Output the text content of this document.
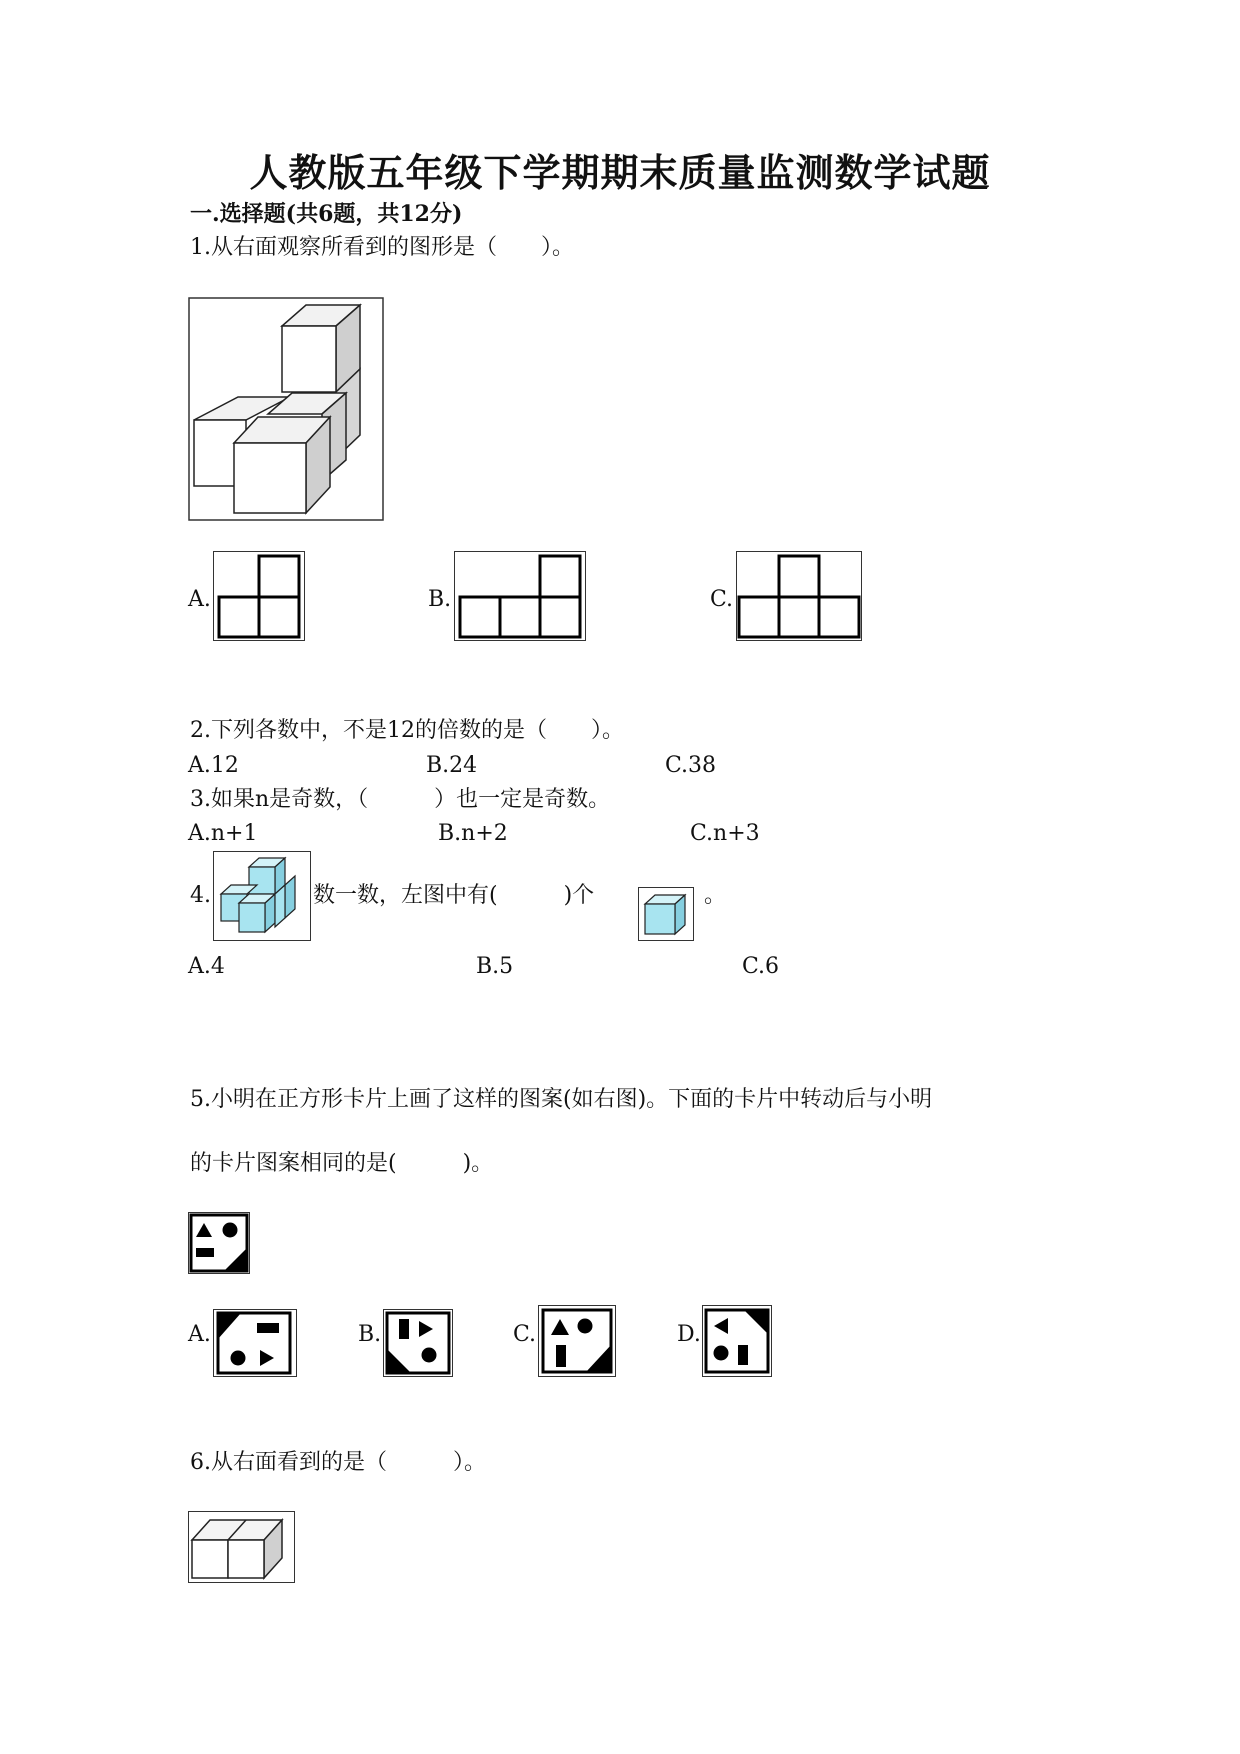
人教版五年级下学期期末质量监测数学试题
一.选择题(共6题，共12分)
1.从右面观察所看到的图形是（　　）。
A.	B.	C.
2.下列各数中，不是12的倍数的是（　　）。
A.12	B.24	C.38
3.如果n是奇数，（　　　）也一定是奇数。
A.n+1	B.n+2	C.n+3
4.	数一数，左图中有(　　　)个	。
A.4	B.5	C.6
5.小明在正方形卡片上画了这样的图案(如右图)。下面的卡片中转动后与小明
的卡片图案相同的是(　　　)。
A.	B.	C.	D.
6.从右面看到的是（　　　）。
